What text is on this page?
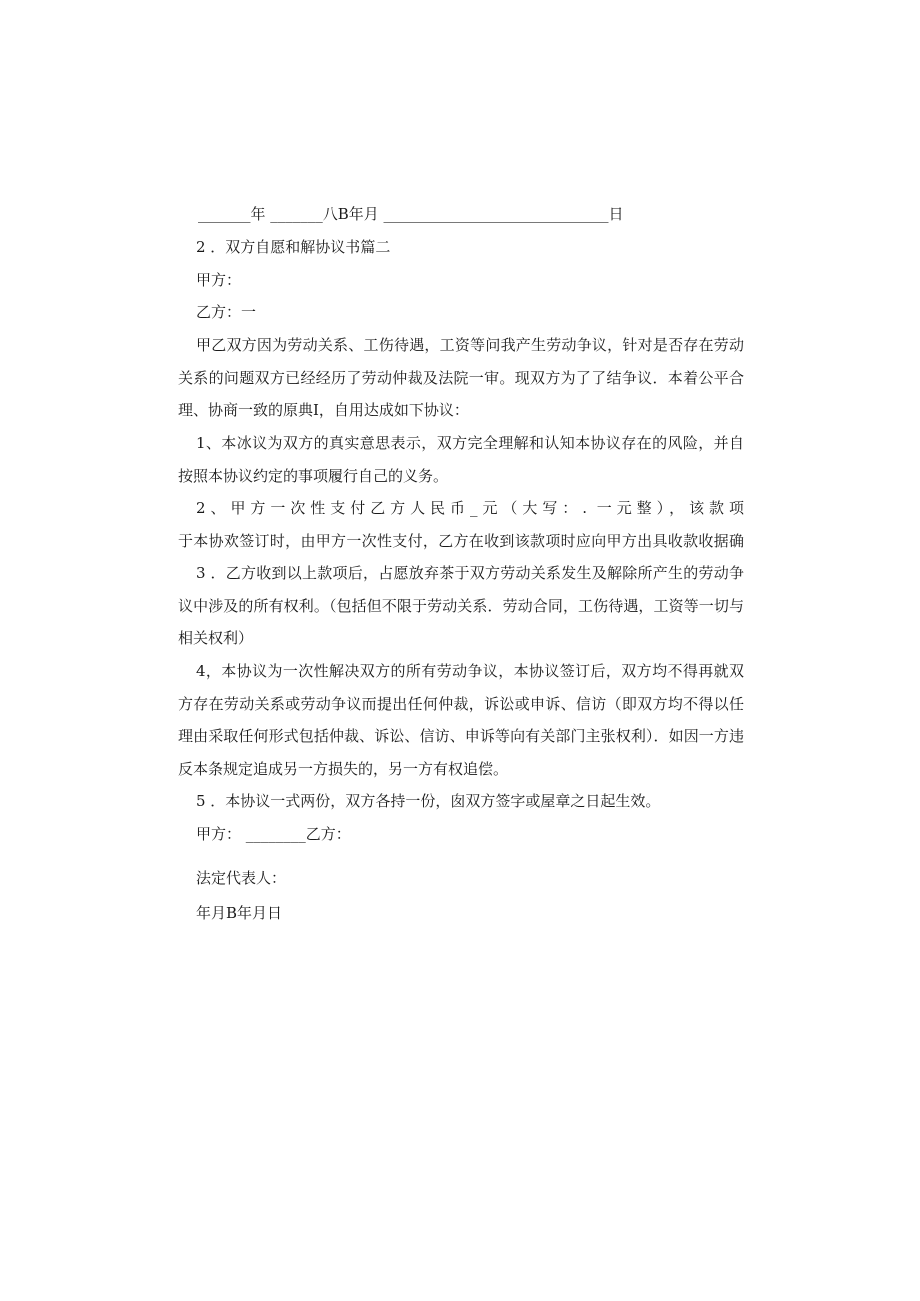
_______年 _______八B年月 ______________________________日
2 ．双方自愿和解协议书篇二
甲方：
乙方：一
甲乙双方因为劳动关系、工伤待遇，工资等问我产生劳动争议，针对是否存在劳动
关系的问题双方已经经历了劳动仲裁及法院一审。现双方为了了结争议．本着公平合
理、协商一致的原典I，自用达成如下协议：
1、本冰议为双方的真实意思表示，双方完全理解和认知本协议存在的风险，并自
按照本协议约定的事项履行自己的义务。
2、甲方一次性支付乙方人民币_元（大写：. 一元整），该款项
于本协欢签订时，由甲方一次性支付，乙方在收到该款项时应向甲方出具收款收据确
3 ．乙方收到以上款项后，占愿放弃茶于双方劳动关系发生及解除所产生的劳动争
议中涉及的所有权利。（包括但不限于劳动关系．劳动合同，工伤待遇，工资等一切与
相关权利）
4，本协议为一次性解决双方的所有劳动争议，本协议签订后，双方均不得再就双
方存在劳动关系或劳动争议而提出任何仲裁，诉讼或申诉、信访（即双方均不得以任
理由采取任何形式包括仲裁、诉讼、信访、申诉等向有关部门主张权利）．如因一方违
反本条规定追成另一方损失的，另一方有权追偿。
5 ．本协议一式两份，双方各持一份，囱双方签字或屋章之日起生效。
甲方： ________乙方：
法定代表人：
年月B年月日
